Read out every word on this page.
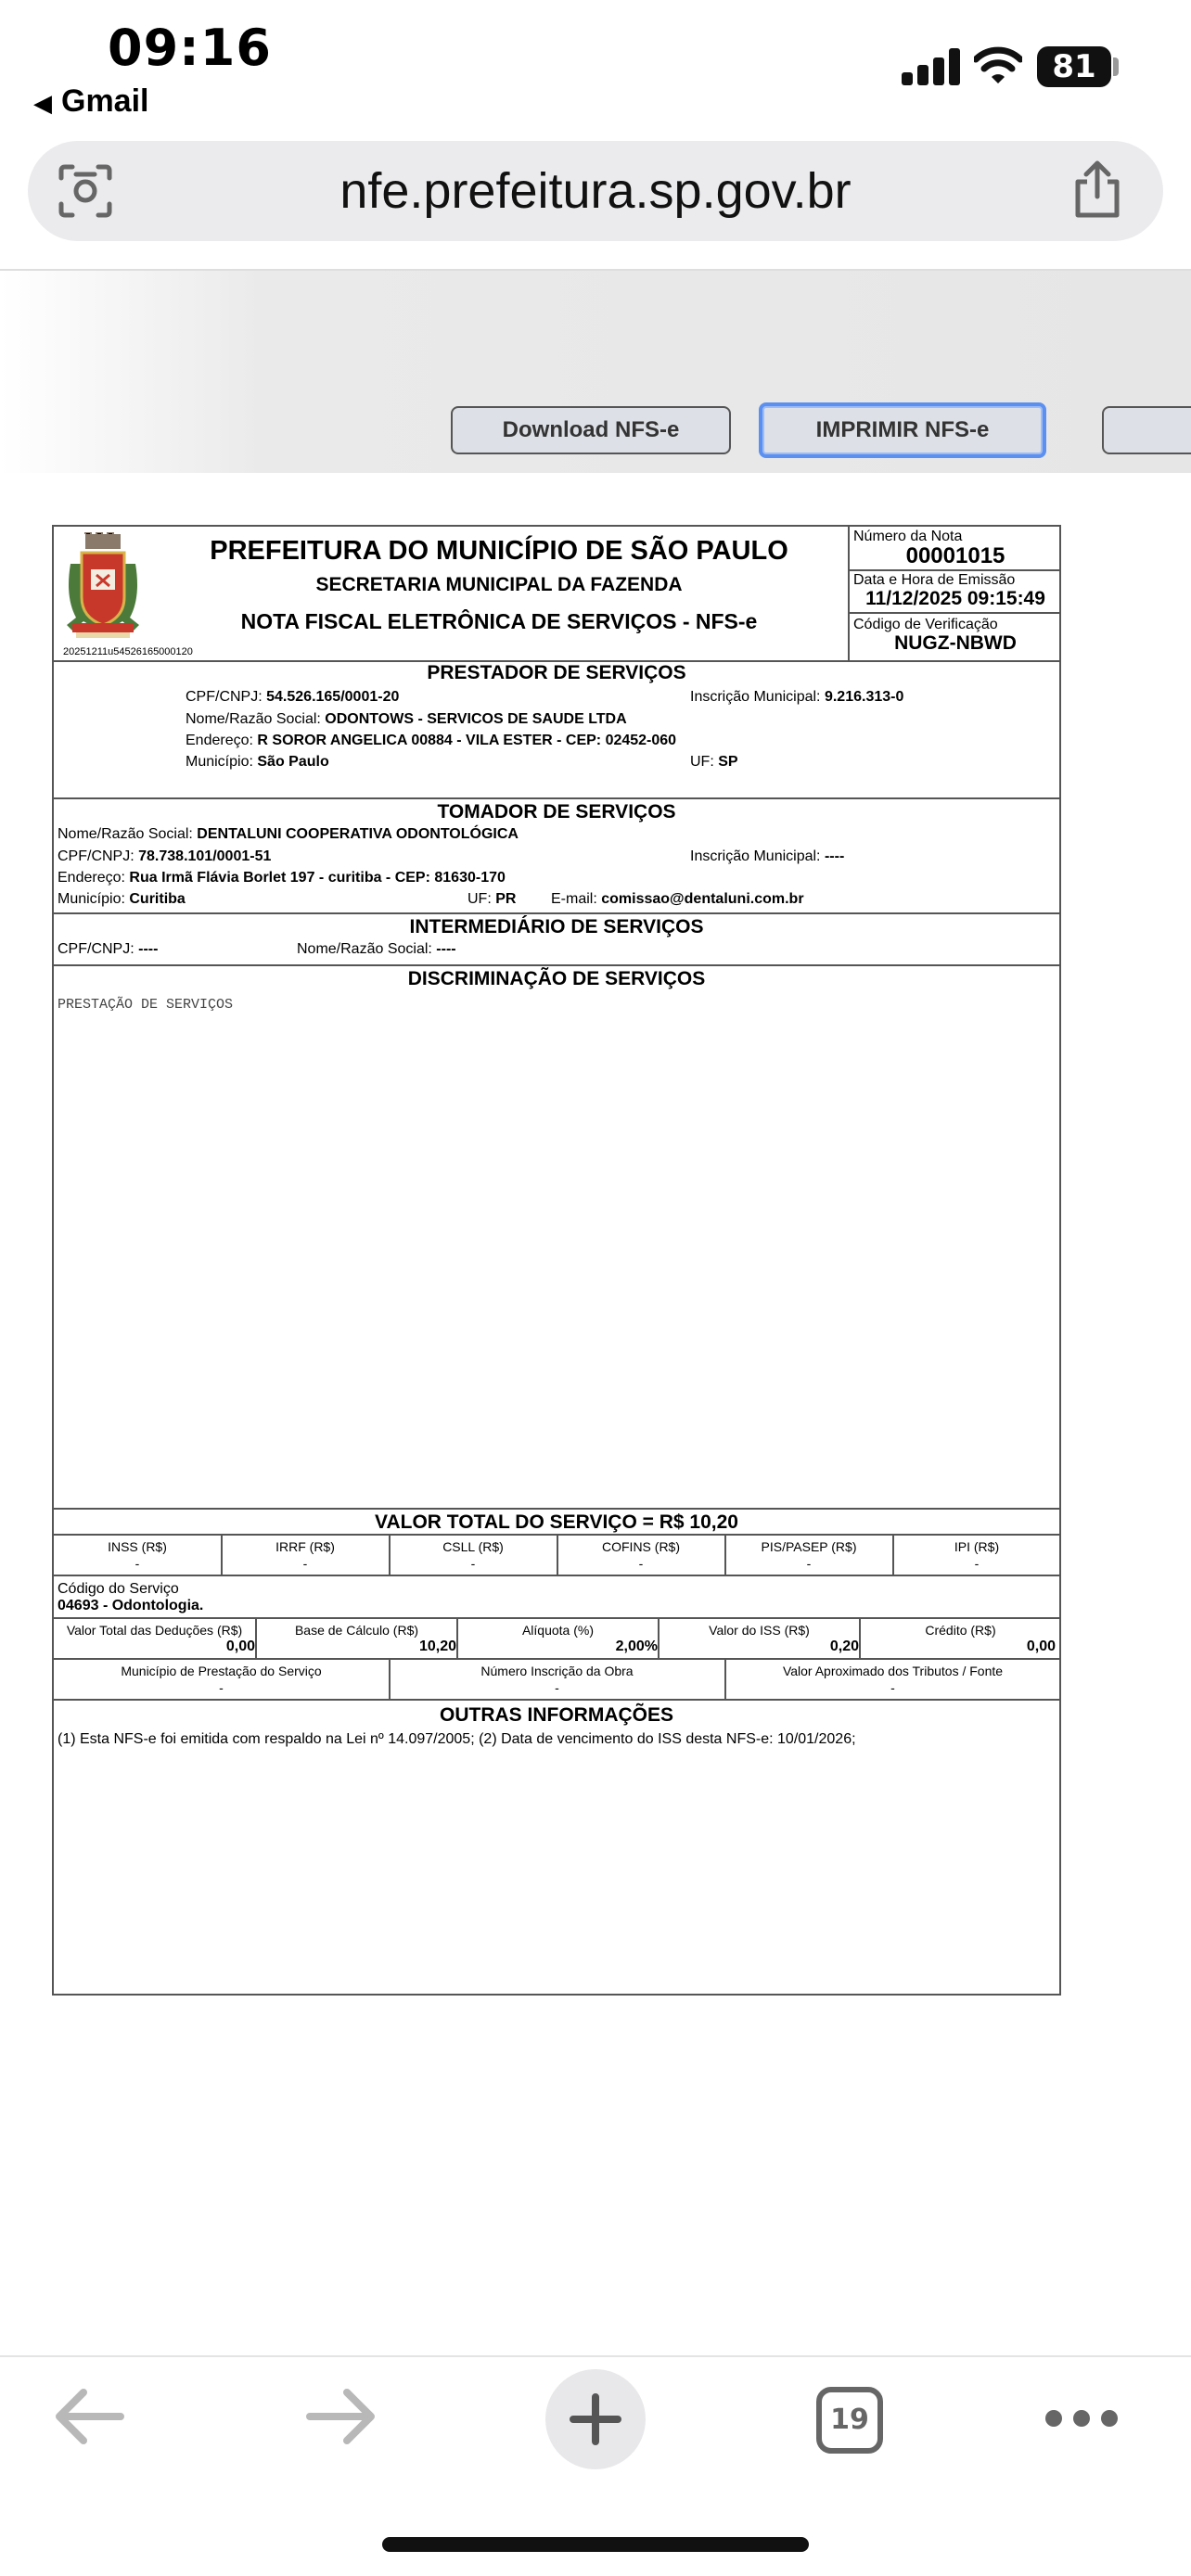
09:16
◀ Gmail
81
nfe.prefeitura.sp.gov.br
Download NFS-e	IMPRIMIR NFS-e
20251211u54526165000120
PREFEITURA DO MUNICÍPIO DE SÃO PAULO
SECRETARIA MUNICIPAL DA FAZENDA
NOTA FISCAL ELETRÔNICA DE SERVIÇOS - NFS-e
Número da Nota
00001015
Data e Hora de Emissão
11/12/2025 09:15:49
Código de Verificação
NUGZ-NBWD
PRESTADOR DE SERVIÇOS
CPF/CNPJ: 54.526.165/0001-20	Inscrição Municipal: 9.216.313-0
Nome/Razão Social: ODONTOWS - SERVICOS DE SAUDE LTDA
Endereço: R SOROR ANGELICA 00884 - VILA ESTER - CEP: 02452-060
Município: São Paulo	UF: SP
TOMADOR DE SERVIÇOS
Nome/Razão Social: DENTALUNI COOPERATIVA ODONTOLÓGICA
CPF/CNPJ: 78.738.101/0001-51	Inscrição Municipal: ----
Endereço: Rua Irmã Flávia Borlet 197 - curitiba - CEP: 81630-170
Município: Curitiba	UF: PR E-mail: comissao@dentaluni.com.br
INTERMEDIÁRIO DE SERVIÇOS
CPF/CNPJ: ----	Nome/Razão Social: ----
DISCRIMINAÇÃO DE SERVIÇOS
PRESTAÇÃO DE SERVIÇOS
VALOR TOTAL DO SERVIÇO = R$ 10,20
INSS (R$)
-
IRRF (R$)
-
CSLL (R$)
-
COFINS (R$)
-
PIS/PASEP (R$)
-
IPI (R$)
-
Código do Serviço
04693 - Odontologia.
Valor Total das Deduções (R$)
0,00
Base de Cálculo (R$)
10,20
Alíquota (%)
2,00%
Valor do ISS (R$)
0,20
Crédito (R$)
0,00
Município de Prestação do Serviço
-
Número Inscrição da Obra
-
Valor Aproximado dos Tributos / Fonte
-
OUTRAS INFORMAÇÕES
(1) Esta NFS-e foi emitida com respaldo na Lei nº 14.097/2005; (2) Data de vencimento do ISS desta NFS-e: 10/01/2026;
19
